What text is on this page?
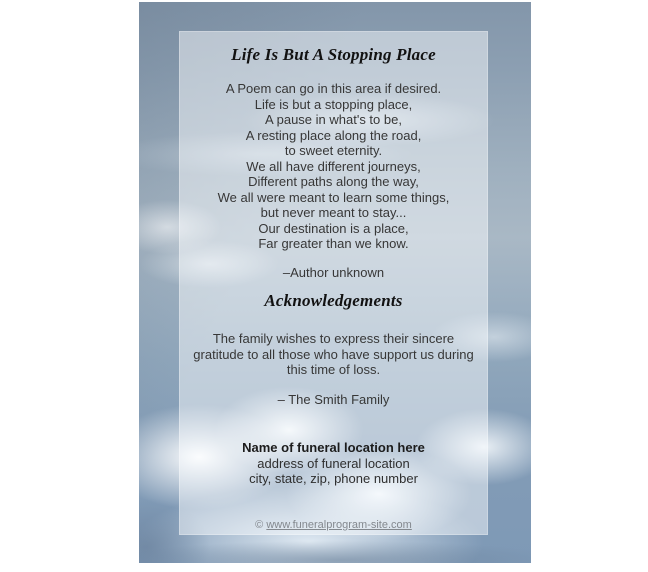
Life Is But A Stopping Place
A Poem can go in this area if desired.
Life is but a stopping place,
A pause in what's to be,
A resting place along the road,
to sweet eternity.
We all have different journeys,
Different paths along the way,
We all were meant to learn some things,
but never meant to stay...
Our destination is a place,
Far greater than we know.
–Author unknown
Acknowledgements
The family wishes to express their sincere gratitude to all those who have support us during this time of loss.
– The Smith Family
Name of funeral location here
address of funeral location
city, state, zip, phone number
© www.funeralprogram-site.com
